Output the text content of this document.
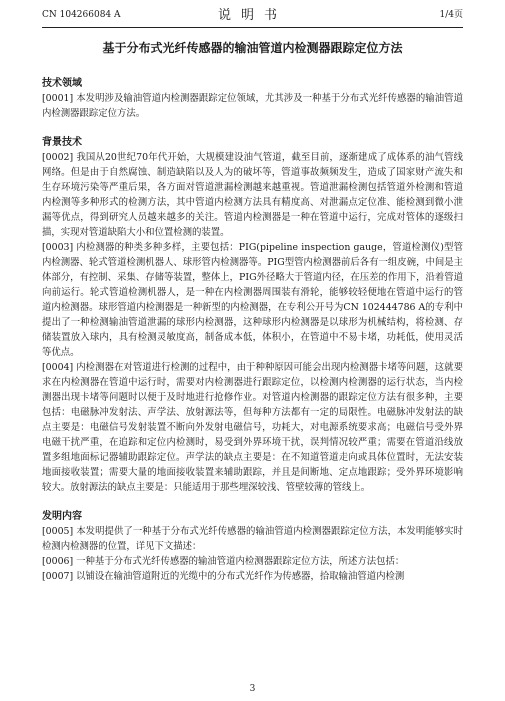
CN 104266084 A	说明书	1/4页
基于分布式光纤传感器的输油管道内检测器跟踪定位方法
技术领域

[0001] 本发明涉及输油管道内检测器跟踪定位领域，尤其涉及一种基于分布式光纤传感器的输油管道内检测器跟踪定位方法。

背景技术

[0002] 我国从20世纪70年代开始，大规模建设油气管道，截至目前，逐渐建成了成体系的油气管线网络。但是由于自然腐蚀、制造缺陷以及人为的破坏等，管道事故频频发生，造成了国家财产流失和生存环境污染等严重后果，各方面对管道泄漏检测越来越重视。管道泄漏检测包括管道外检测和管道内检测等多种形式的检测方法，其中管道内检测方法具有精度高、对泄漏点定位准、能检测到微小泄漏等优点，得到研究人员越来越多的关注。管道内检测器是一种在管道中运行，完成对管体的逐级扫描，实现对管道缺陷大小和位置检测的装置。

[0003] 内检测器的种类多种多样，主要包括：PIG(pipeline inspection gauge，管道检测仪)型管内检测器、轮式管道检测机器人、球形管内检测器等。PIG型管内检测器前后各有一组皮碗，中间是主体部分，有控制、采集、存储等装置，整体上，PIG外径略大于管道内径，在压差的作用下，沿着管道向前运行。轮式管道检测机器人，是一种在内检测器周围装有滑轮，能够较轻便地在管道中运行的管道内检测器。球形管道内检测器是一种新型的内检测器，在专利公开号为CN 102444786 A的专利中提出了一种检测输油管道泄漏的球形内检测器，这种球形内检测器是以球形为机械结构，将检测、存储装置放入球内，具有检测灵敏度高，制备成本低，体积小，在管道中不易卡堵，功耗低，使用灵活等优点。

[0004] 内检测器在对管道进行检测的过程中，由于种种原因可能会出现内检测器卡堵等问题，这就要求在内检测器在管道中运行时，需要对内检测器进行跟踪定位，以检测内检测器的运行状态，当内检测器出现卡堵等问题时以便于及时地进行抢修作业。对管道内检测器的跟踪定位方法有很多种，主要包括：电磁脉冲发射法、声学法、放射源法等，但每种方法都有一定的局限性。电磁脉冲发射法的缺点主要是：电磁信号发射装置不断向外发射电磁信号，功耗大，对电源系统要求高；电磁信号受外界电磁干扰严重，在追踪和定位内检测时，易受到外界环境干扰，误判情况较严重；需要在管道沿线放置多组地面标记器辅助跟踪定位。声学法的缺点主要是：在不知道管道走向或具体位置时，无法安装地面接收装置；需要大量的地面接收装置来辅助跟踪，并且是间断地、定点地跟踪；受外界环境影响较大。放射源法的缺点主要是：只能适用于那些埋深较浅、管壁较薄的管线上。

发明内容

[0005] 本发明提供了一种基于分布式光纤传感器的输油管道内检测器跟踪定位方法，本发明能够实时检测内检测器的位置，详见下文描述：

[0006] 一种基于分布式光纤传感器的输油管道内检测器跟踪定位方法，所述方法包括：

[0007] 以铺设在输油管道附近的光缆中的分布式光纤作为传感器，拾取输油管道内检测

3
